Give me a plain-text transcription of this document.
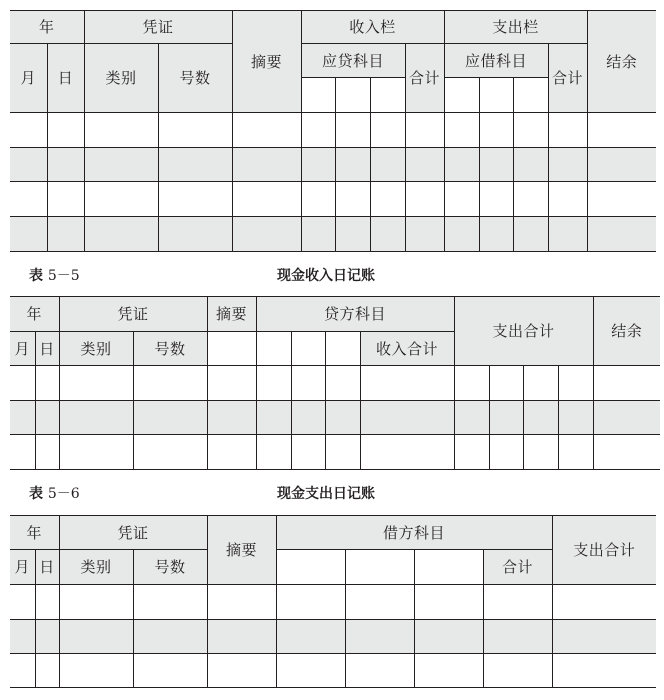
年		凭证		摘要	收入栏				支出栏				结余
月	日	类别	号数		应贷科目			合计	应借科目			合计	

表 5－5	现金收入日记账
年		凭证		摘要	贷方科目				支出合计				结余
月	日	类别	号数					收入合计					

表 5－6	现金支出日记账
年		凭证		摘要	借方科目				支出合计
月	日	类别	号数					合计	
